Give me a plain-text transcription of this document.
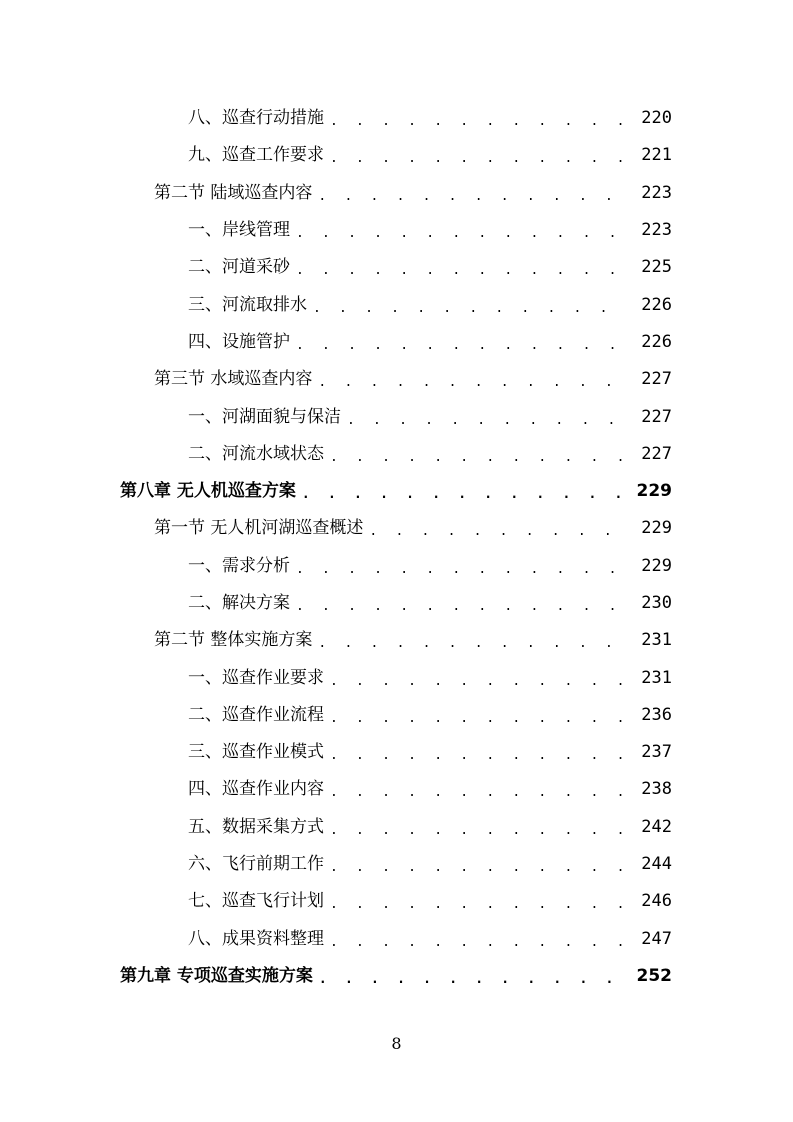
八、巡查行动措施 . . .	220
九、巡查工作要求 . . .	221
第二节 陆域巡查内容 . . .	223
一、岸线管理 . . .	223
二、河道采砂 . . .	225
三、河流取排水 . . .	226
四、设施管护 . . .	226
第三节 水域巡查内容 . . .	227
一、河湖面貌与保洁 . . .	227
二、河流水域状态 . . .	227
第八章 无人机巡查方案 . . .	229
第一节 无人机河湖巡查概述 . . .	229
一、需求分析 . . .	229
二、解决方案 . . .	230
第二节 整体实施方案 . . .	231
一、巡查作业要求 . . .	231
二、巡查作业流程 . . .	236
三、巡查作业模式 . . .	237
四、巡查作业内容 . . .	238
五、数据采集方式 . . .	242
六、飞行前期工作 . . .	244
七、巡查飞行计划 . . .	246
八、成果资料整理 . . .	247
第九章 专项巡查实施方案 . . .	252
8
